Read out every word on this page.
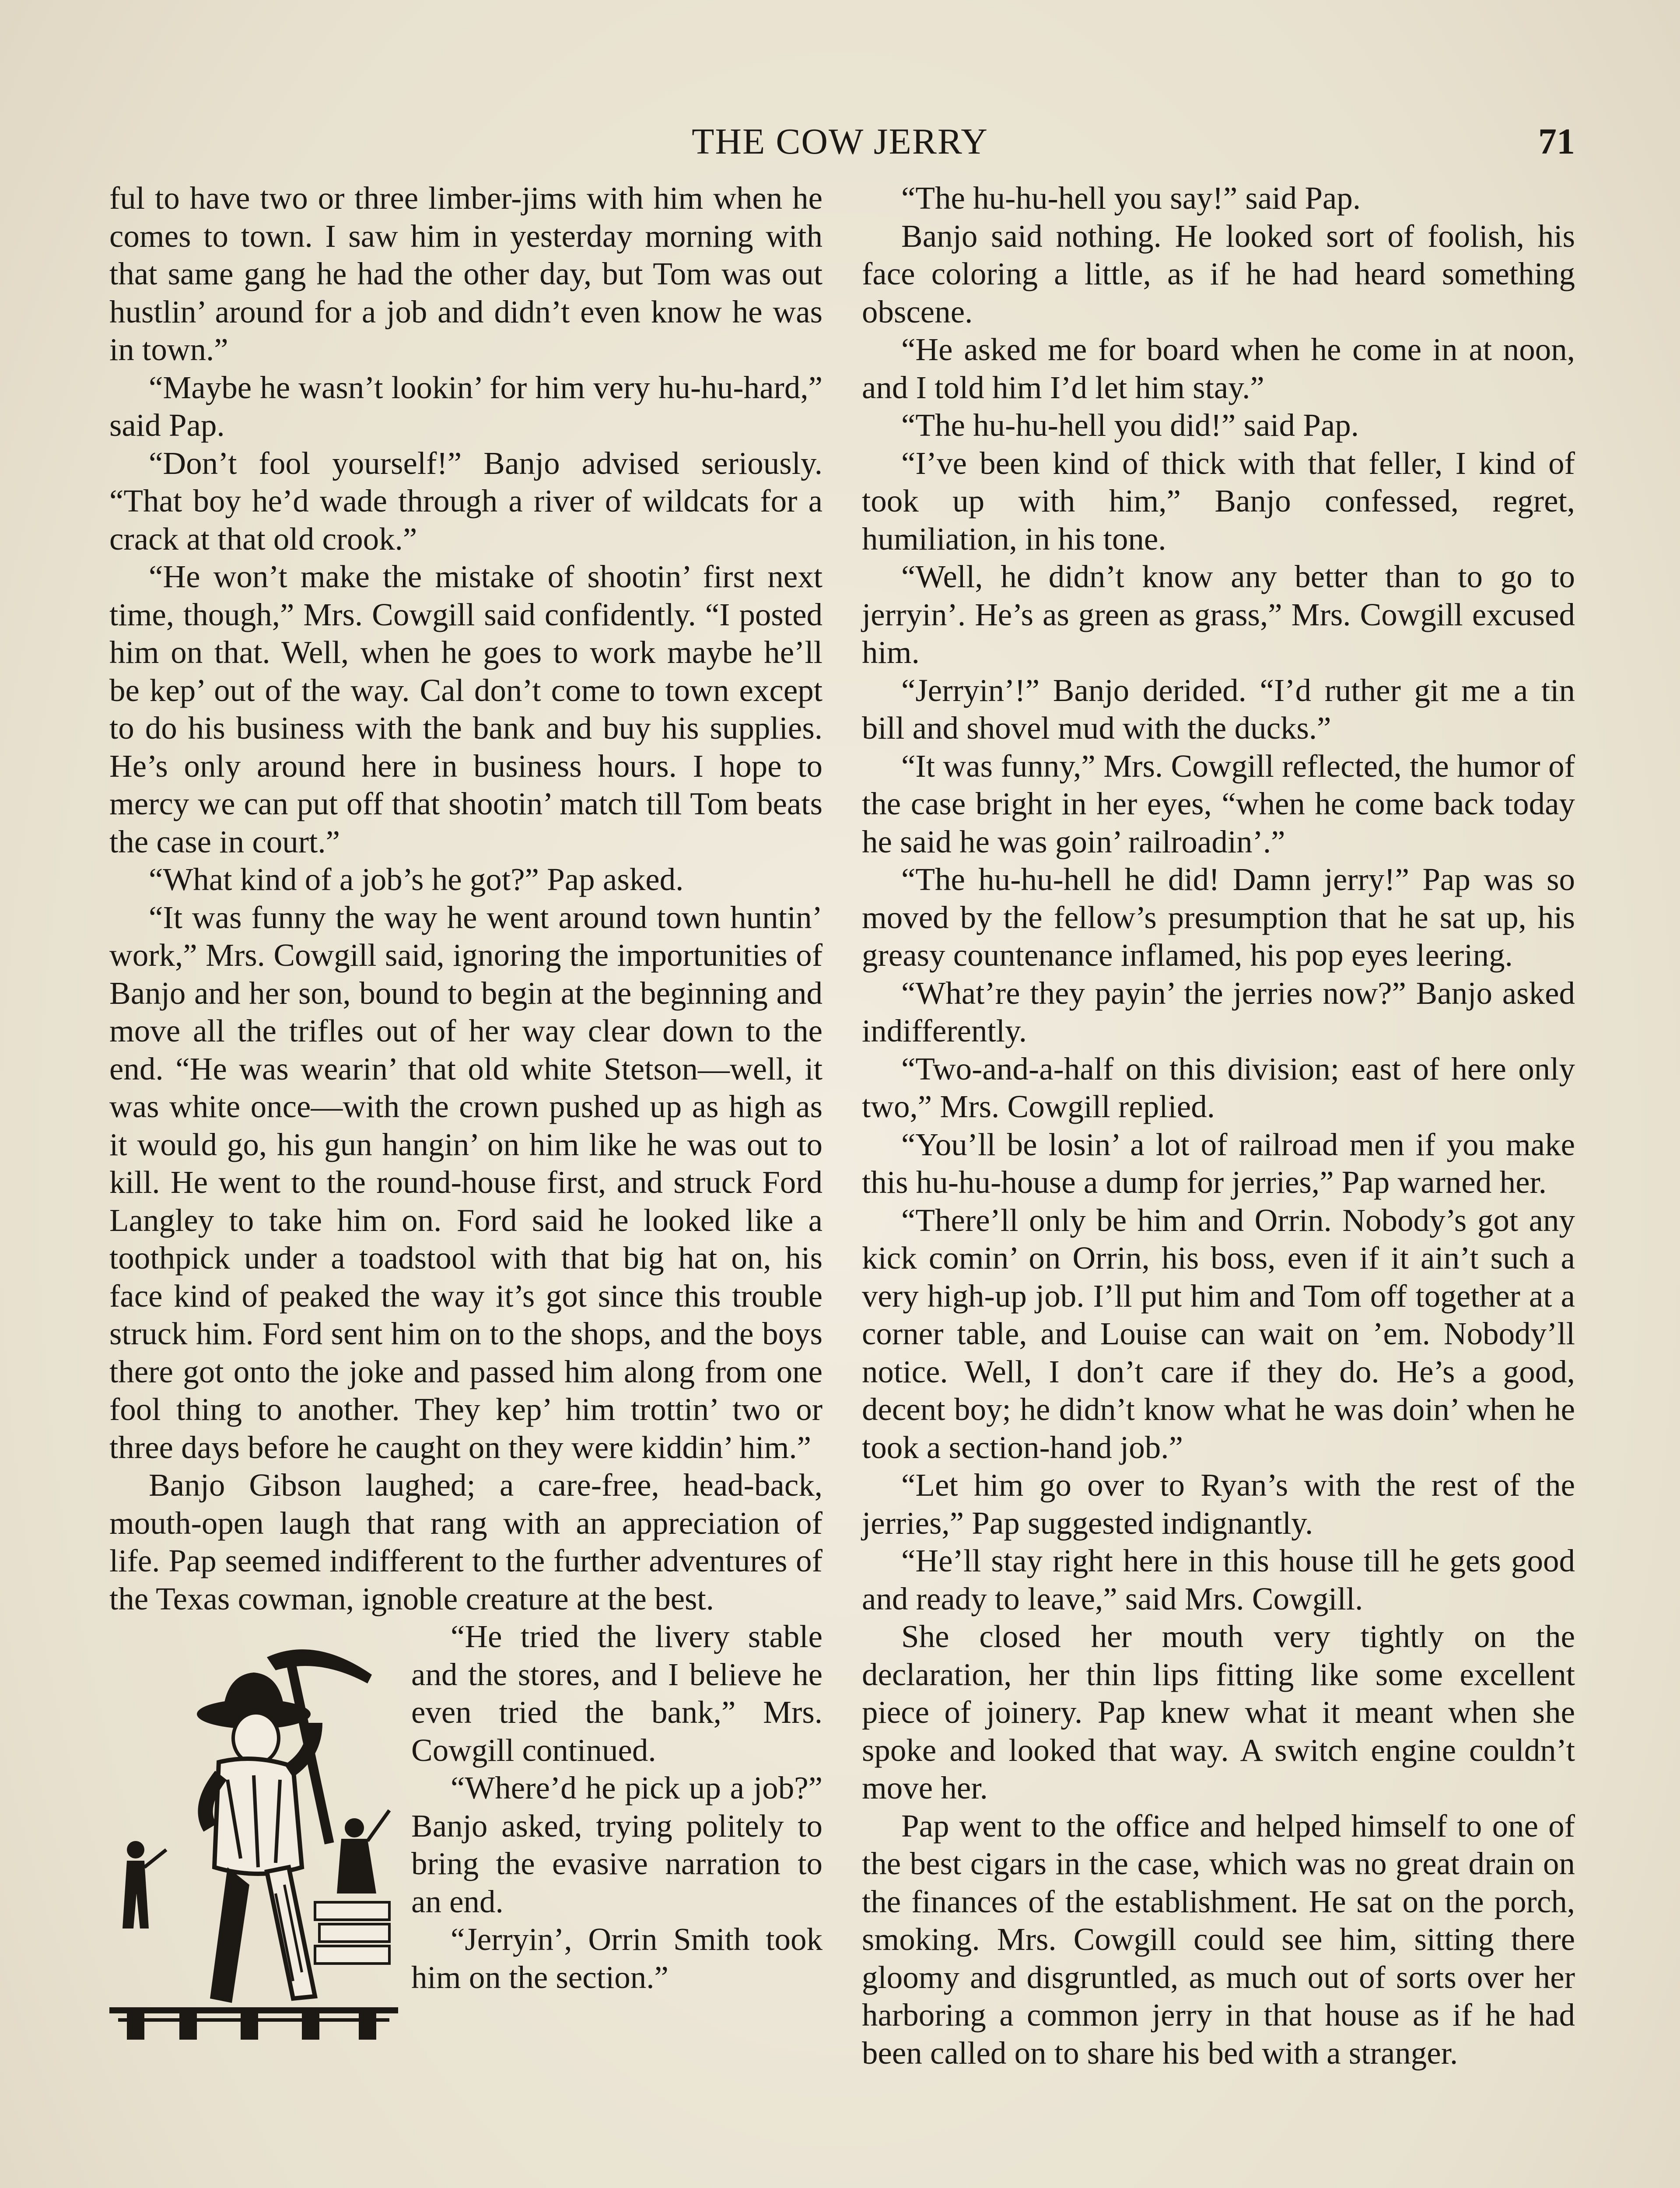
THE COW JERRY	71

ful to have two or three limber-jims with him when he comes to town. I saw him in yesterday morning with that same gang he had the other day, but Tom was out hustlin’ around for a job and didn’t even know he was in town.”

“Maybe he wasn’t lookin’ for him very hu-hu-hard,” said Pap.

“Don’t fool yourself!” Banjo advised seriously. “That boy he’d wade through a river of wildcats for a crack at that old crook.”

“He won’t make the mistake of shootin’ first next time, though,” Mrs. Cowgill said confidently. “I posted him on that. Well, when he goes to work maybe he’ll be kep’ out of the way. Cal don’t come to town except to do his business with the bank and buy his supplies. He’s only around here in business hours. I hope to mercy we can put off that shootin’ match till Tom beats the case in court.”

“What kind of a job’s he got?” Pap asked.

“It was funny the way he went around town huntin’ work,” Mrs. Cowgill said, ignoring the importunities of Banjo and her son, bound to begin at the beginning and move all the trifles out of her way clear down to the end. “He was wearin’ that old white Stetson—well, it was white once—with the crown pushed up as high as it would go, his gun hangin’ on him like he was out to kill. He went to the round-house first, and struck Ford Langley to take him on. Ford said he looked like a toothpick under a toadstool with that big hat on, his face kind of peaked the way it’s got since this trouble struck him. Ford sent him on to the shops, and the boys there got onto the joke and passed him along from one fool thing to another. They kep’ him trottin’ two or three days before he caught on they were kiddin’ him.”

Banjo Gibson laughed; a care-free, head-back, mouth-open laugh that rang with an appreciation of life. Pap seemed indifferent to the further adventures of the Texas cowman, ignoble creature at the best.

“He tried the livery stable and the stores, and I believe he even tried the bank,” Mrs. Cowgill continued.

“Where’d he pick up a job?” Banjo asked, trying politely to bring the evasive narration to an end.

“Jerryin’, Orrin Smith took him on the section.”

“The hu-hu-hell you say!” said Pap.

Banjo said nothing. He looked sort of foolish, his face coloring a little, as if he had heard something obscene.

“He asked me for board when he come in at noon, and I told him I’d let him stay.”

“The hu-hu-hell you did!” said Pap.

“I’ve been kind of thick with that feller, I kind of took up with him,” Banjo confessed, regret, humiliation, in his tone.

“Well, he didn’t know any better than to go to jerryin’. He’s as green as grass,” Mrs. Cowgill excused him.

“Jerryin’!” Banjo derided. “I’d ruther git me a tin bill and shovel mud with the ducks.”

“It was funny,” Mrs. Cowgill reflected, the humor of the case bright in her eyes, “when he come back today he said he was goin’ railroadin’.”

“The hu-hu-hell he did! Damn jerry!” Pap was so moved by the fellow’s presumption that he sat up, his greasy countenance inflamed, his pop eyes leering.

“What’re they payin’ the jerries now?” Banjo asked indifferently.

“Two-and-a-half on this division; east of here only two,” Mrs. Cowgill replied.

“You’ll be losin’ a lot of railroad men if you make this hu-hu-house a dump for jerries,” Pap warned her.

“There’ll only be him and Orrin. Nobody’s got any kick comin’ on Orrin, his boss, even if it ain’t such a very high-up job. I’ll put him and Tom off together at a corner table, and Louise can wait on ’em. Nobody’ll notice. Well, I don’t care if they do. He’s a good, decent boy; he didn’t know what he was doin’ when he took a section-hand job.”

“Let him go over to Ryan’s with the rest of the jerries,” Pap suggested indignantly.

“He’ll stay right here in this house till he gets good and ready to leave,” said Mrs. Cowgill.

She closed her mouth very tightly on the declaration, her thin lips fitting like some excellent piece of joinery. Pap knew what it meant when she spoke and looked that way. A switch engine couldn’t move her.

Pap went to the office and helped himself to one of the best cigars in the case, which was no great drain on the finances of the establishment. He sat on the porch, smoking. Mrs. Cowgill could see him, sitting there gloomy and disgruntled, as much out of sorts over her harboring a common jerry in that house as if he had been called on to share his bed with a stranger.
